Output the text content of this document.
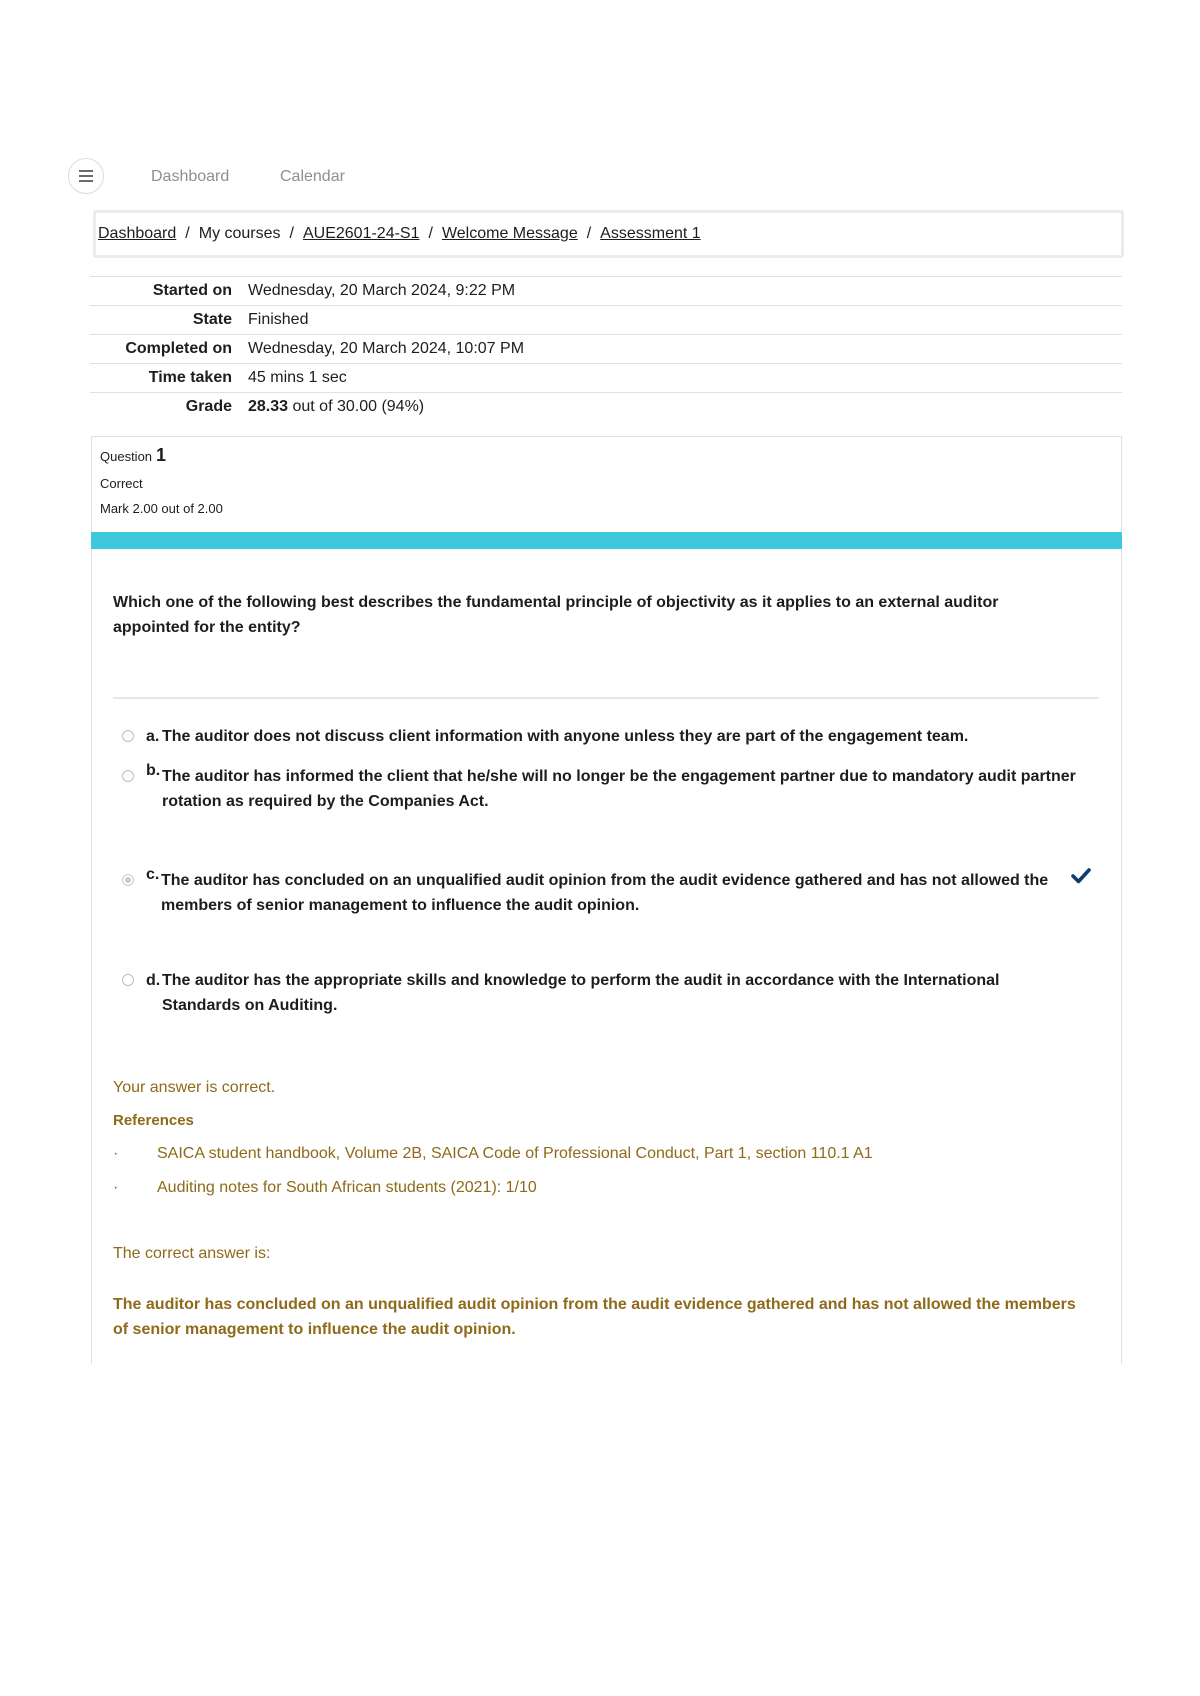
Dashboard	Calendar
Dashboard / My courses / AUE2601-24-S1 / Welcome Message / Assessment 1
Started on	Wednesday, 20 March 2024, 9:22 PM
State	Finished
Completed on	Wednesday, 20 March 2024, 10:07 PM
Time taken	45 mins 1 sec
Grade	28.33 out of 30.00 (94%)
Question 1
Correct
Mark 2.00 out of 2.00
Which one of the following best describes the fundamental principle of objectivity as it applies to an external auditor appointed for the entity?
a. The auditor does not discuss client information with anyone unless they are part of the engagement team.
b. The auditor has informed the client that he/she will no longer be the engagement partner due to mandatory audit partner rotation as required by the Companies Act.
c. The auditor has concluded on an unqualified audit opinion from the audit evidence gathered and has not allowed the members of senior management to influence the audit opinion.
d. The auditor has the appropriate skills and knowledge to perform the audit in accordance with the International Standards on Auditing.
Your answer is correct.
References
· SAICA student handbook, Volume 2B, SAICA Code of Professional Conduct, Part 1, section 110.1 A1
· Auditing notes for South African students (2021): 1/10
The correct answer is:
The auditor has concluded on an unqualified audit opinion from the audit evidence gathered and has not allowed the members of senior management to influence the audit opinion.
